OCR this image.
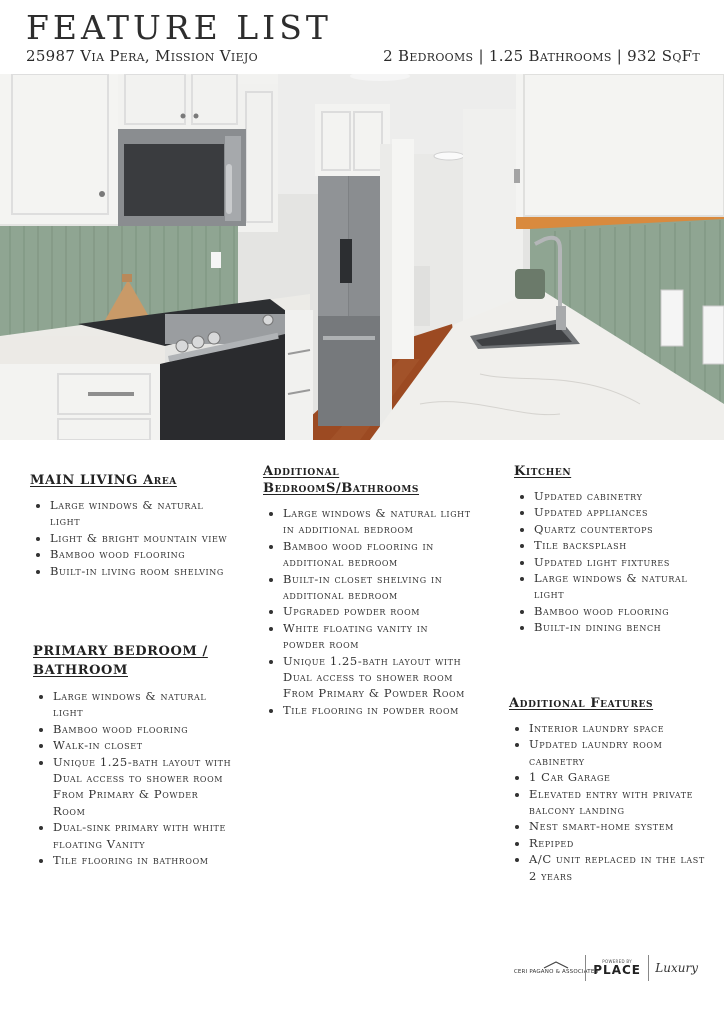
FEATURE LIST
25987 Via Pera, Mission Viejo	2 Bedrooms | 1.25 Bathrooms | 932 SqFt
MAIN LIVING Area
• Large windows & natural light
• Light & bright mountain view
• Bamboo wood flooring
• Built-in living room shelving
PRIMARY BEDROOM / BATHROOM
• Large windows & natural light
• Bamboo wood flooring
• Walk-in closet
• Unique 1.25-bath layout with Dual access to shower room From Primary & Powder Room
• Dual-sink primary with white floating Vanity
• Tile flooring in bathroom
Additional BedroomS/Bathrooms
• Large windows & natural light in additional bedroom
• Bamboo wood flooring in additional bedroom
• Built-in closet shelving in additional bedroom
• Upgraded powder room
• White floating vanity in powder room
• Unique 1.25-bath layout with Dual access to shower room From Primary & Powder Room
• Tile flooring in powder room
Kitchen
• Updated cabinetry
• Updated appliances
• Quartz countertops
• Tile backsplash
• Updated light fixtures
• Large windows & natural light
• Bamboo wood flooring
• Built-in dining bench
Additional Features
• Interior laundry space
• Updated laundry room cabinetry
• 1 Car Garage
• Elevated entry with private balcony landing
• Nest smart-home system
• Repiped
• A/C unit replaced in the last 2 years
CERI PAGANO & ASSOCIATES
POWERED BY
PLACE Luxury
